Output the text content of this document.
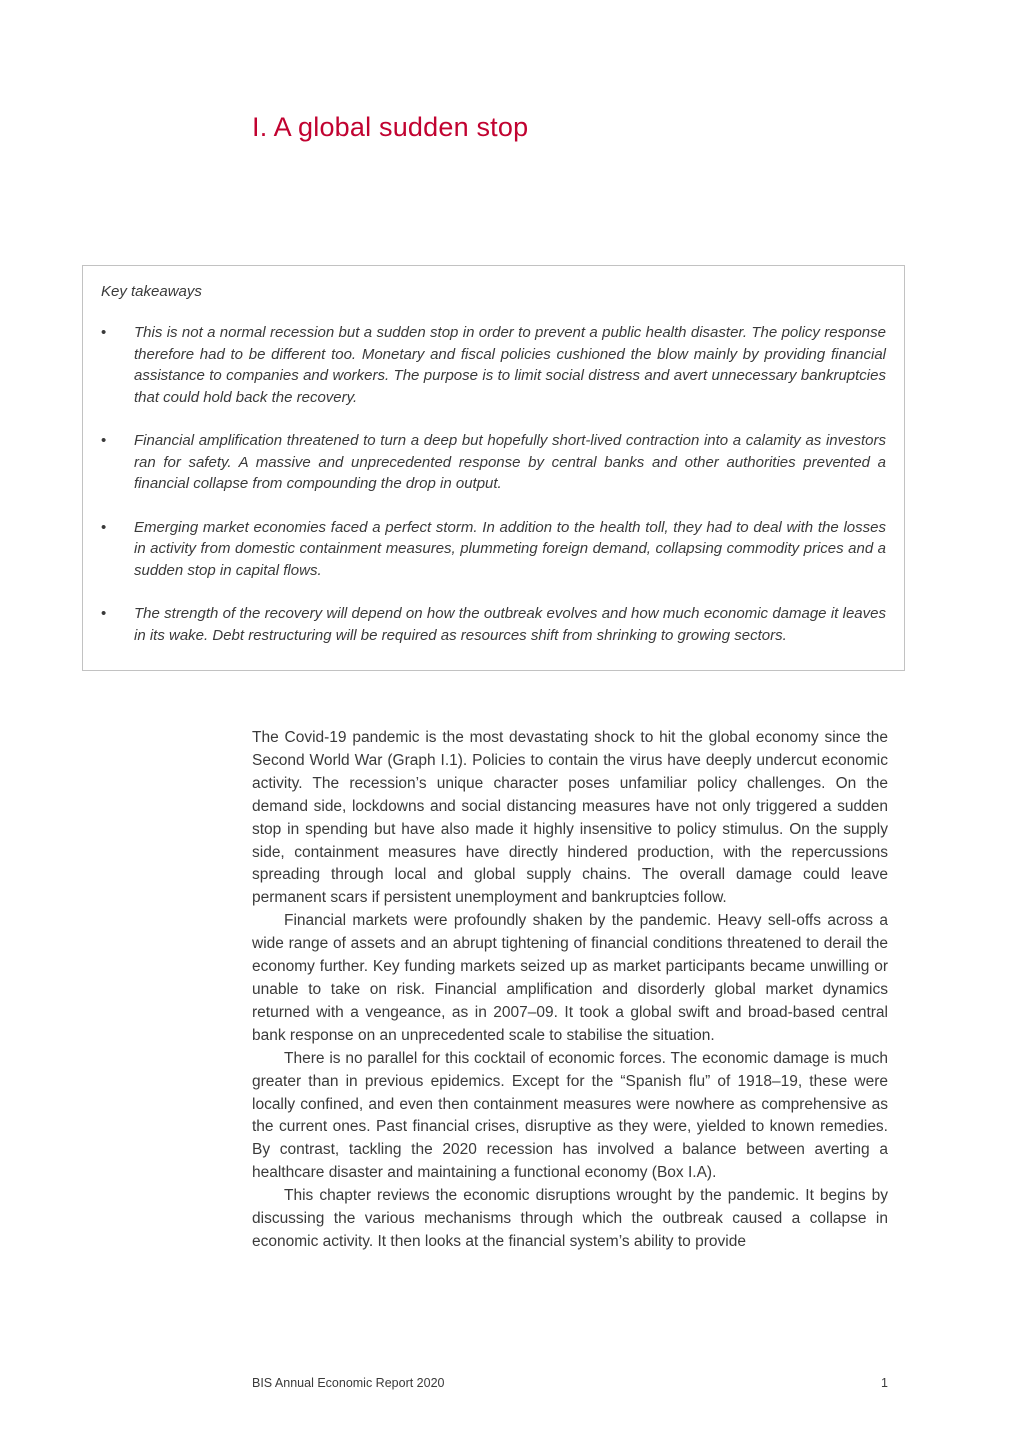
I. A global sudden stop

Key takeaways

• This is not a normal recession but a sudden stop in order to prevent a public health disaster. The policy response therefore had to be different too. Monetary and fiscal policies cushioned the blow mainly by providing financial assistance to companies and workers. The purpose is to limit social distress and avert unnecessary bankruptcies that could hold back the recovery.
• Financial amplification threatened to turn a deep but hopefully short-lived contraction into a calamity as investors ran for safety. A massive and unprecedented response by central banks and other authorities prevented a financial collapse from compounding the drop in output.
• Emerging market economies faced a perfect storm. In addition to the health toll, they had to deal with the losses in activity from domestic containment measures, plummeting foreign demand, collapsing commodity prices and a sudden stop in capital flows.
• The strength of the recovery will depend on how the outbreak evolves and how much economic damage it leaves in its wake. Debt restructuring will be required as resources shift from shrinking to growing sectors.

The Covid-19 pandemic is the most devastating shock to hit the global economy since the Second World War (Graph I.1). Policies to contain the virus have deeply undercut economic activity. The recession’s unique character poses unfamiliar policy challenges. On the demand side, lockdowns and social distancing measures have not only triggered a sudden stop in spending but have also made it highly insensitive to policy stimulus. On the supply side, containment measures have directly hindered production, with the repercussions spreading through local and global supply chains. The overall damage could leave permanent scars if persistent unemployment and bankruptcies follow.

Financial markets were profoundly shaken by the pandemic. Heavy sell-offs across a wide range of assets and an abrupt tightening of financial conditions threatened to derail the economy further. Key funding markets seized up as market participants became unwilling or unable to take on risk. Financial amplification and disorderly global market dynamics returned with a vengeance, as in 2007–09. It took a global swift and broad-based central bank response on an unprecedented scale to stabilise the situation.

There is no parallel for this cocktail of economic forces. The economic damage is much greater than in previous epidemics. Except for the “Spanish flu” of 1918–19, these were locally confined, and even then containment measures were nowhere as comprehensive as the current ones. Past financial crises, disruptive as they were, yielded to known remedies. By contrast, tackling the 2020 recession has involved a balance between averting a healthcare disaster and maintaining a functional economy (Box I.A).

This chapter reviews the economic disruptions wrought by the pandemic. It begins by discussing the various mechanisms through which the outbreak caused a collapse in economic activity. It then looks at the financial system’s ability to provide

BIS Annual Economic Report 2020	1
